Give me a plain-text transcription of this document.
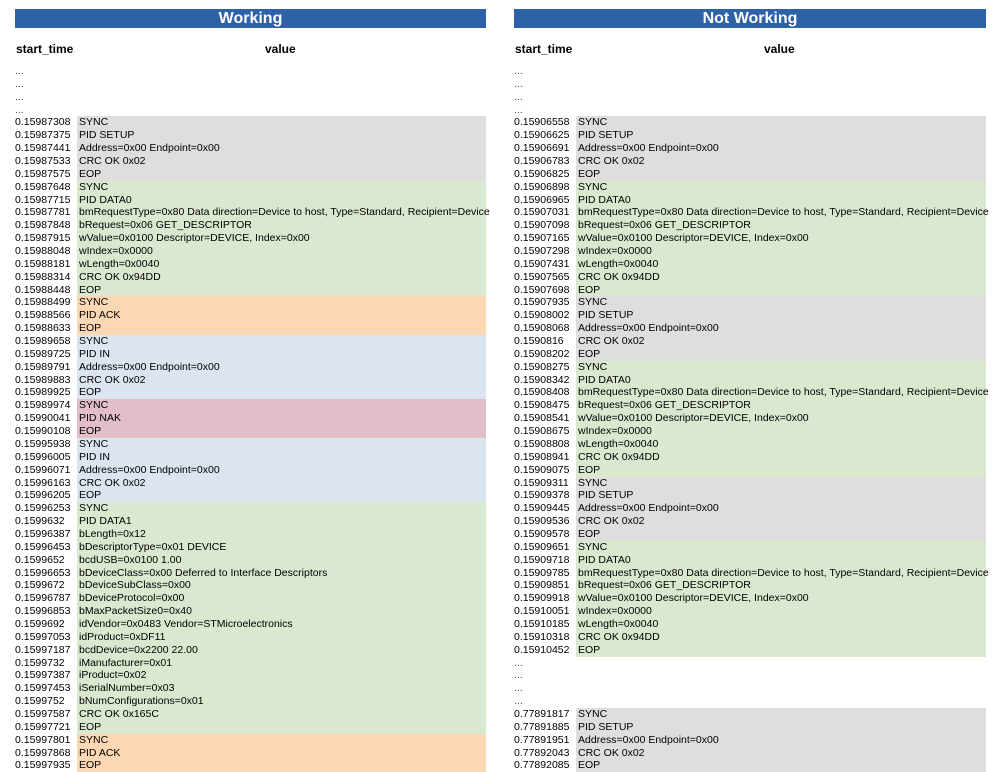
Working
start_time	value
...
...
...
...
0.15987308 SYNC
0.15987375 PID SETUP
0.15987441 Address=0x00 Endpoint=0x00
0.15987533 CRC OK 0x02
0.15987575 EOP
0.15987648 SYNC
0.15987715 PID DATA0
0.15987781 bmRequestType=0x80 Data direction=Device to host, Type=Standard, Recipient=Device
0.15987848 bRequest=0x06 GET_DESCRIPTOR
0.15987915 wValue=0x0100 Descriptor=DEVICE, Index=0x00
0.15988048 wIndex=0x0000
0.15988181 wLength=0x0040
0.15988314 CRC OK 0x94DD
0.15988448 EOP
0.15988499 SYNC
0.15988566 PID ACK
0.15988633 EOP
0.15989658 SYNC
0.15989725 PID IN
0.15989791 Address=0x00 Endpoint=0x00
0.15989883 CRC OK 0x02
0.15989925 EOP
0.15989974 SYNC
0.15990041 PID NAK
0.15990108 EOP
0.15995938 SYNC
0.15996005 PID IN
0.15996071 Address=0x00 Endpoint=0x00
0.15996163 CRC OK 0x02
0.15996205 EOP
0.15996253 SYNC
0.1599632	PID DATA1
0.15996387 bLength=0x12
0.15996453 bDescriptorType=0x01 DEVICE
0.1599652	bcdUSB=0x0100 1.00
0.15996653 bDeviceClass=0x00 Deferred to Interface Descriptors
0.1599672	bDeviceSubClass=0x00
0.15996787 bDeviceProtocol=0x00
0.15996853 bMaxPacketSize0=0x40
0.1599692	idVendor=0x0483 Vendor=STMicroelectronics
0.15997053 idProduct=0xDF11
0.15997187 bcdDevice=0x2200 22.00
0.1599732	iManufacturer=0x01
0.15997387 iProduct=0x02
0.15997453 iSerialNumber=0x03
0.1599752	bNumConfigurations=0x01
0.15997587 CRC OK 0x165C
0.15997721 EOP
0.15997801 SYNC
0.15997868 PID ACK
0.15997935 EOP
Not Working
start_time	value
...
...
...
...
0.15906558 SYNC
0.15906625 PID SETUP
0.15906691 Address=0x00 Endpoint=0x00
0.15906783 CRC OK 0x02
0.15906825 EOP
0.15906898 SYNC
0.15906965 PID DATA0
0.15907031 bmRequestType=0x80 Data direction=Device to host, Type=Standard, Recipient=Device
0.15907098 bRequest=0x06 GET_DESCRIPTOR
0.15907165 wValue=0x0100 Descriptor=DEVICE, Index=0x00
0.15907298 wIndex=0x0000
0.15907431 wLength=0x0040
0.15907565 CRC OK 0x94DD
0.15907698 EOP
0.15907935 SYNC
0.15908002 PID SETUP
0.15908068 Address=0x00 Endpoint=0x00
0.1590816	CRC OK 0x02
0.15908202 EOP
0.15908275 SYNC
0.15908342 PID DATA0
0.15908408 bmRequestType=0x80 Data direction=Device to host, Type=Standard, Recipient=Device
0.15908475 bRequest=0x06 GET_DESCRIPTOR
0.15908541 wValue=0x0100 Descriptor=DEVICE, Index=0x00
0.15908675 wIndex=0x0000
0.15908808 wLength=0x0040
0.15908941 CRC OK 0x94DD
0.15909075 EOP
0.15909311 SYNC
0.15909378 PID SETUP
0.15909445 Address=0x00 Endpoint=0x00
0.15909536 CRC OK 0x02
0.15909578 EOP
0.15909651 SYNC
0.15909718 PID DATA0
0.15909785 bmRequestType=0x80 Data direction=Device to host, Type=Standard, Recipient=Device
0.15909851 bRequest=0x06 GET_DESCRIPTOR
0.15909918 wValue=0x0100 Descriptor=DEVICE, Index=0x00
0.15910051 wIndex=0x0000
0.15910185 wLength=0x0040
0.15910318 CRC OK 0x94DD
0.15910452 EOP
...
...
...
...
0.77891817 SYNC
0.77891885 PID SETUP
0.77891951 Address=0x00 Endpoint=0x00
0.77892043 CRC OK 0x02
0.77892085 EOP
